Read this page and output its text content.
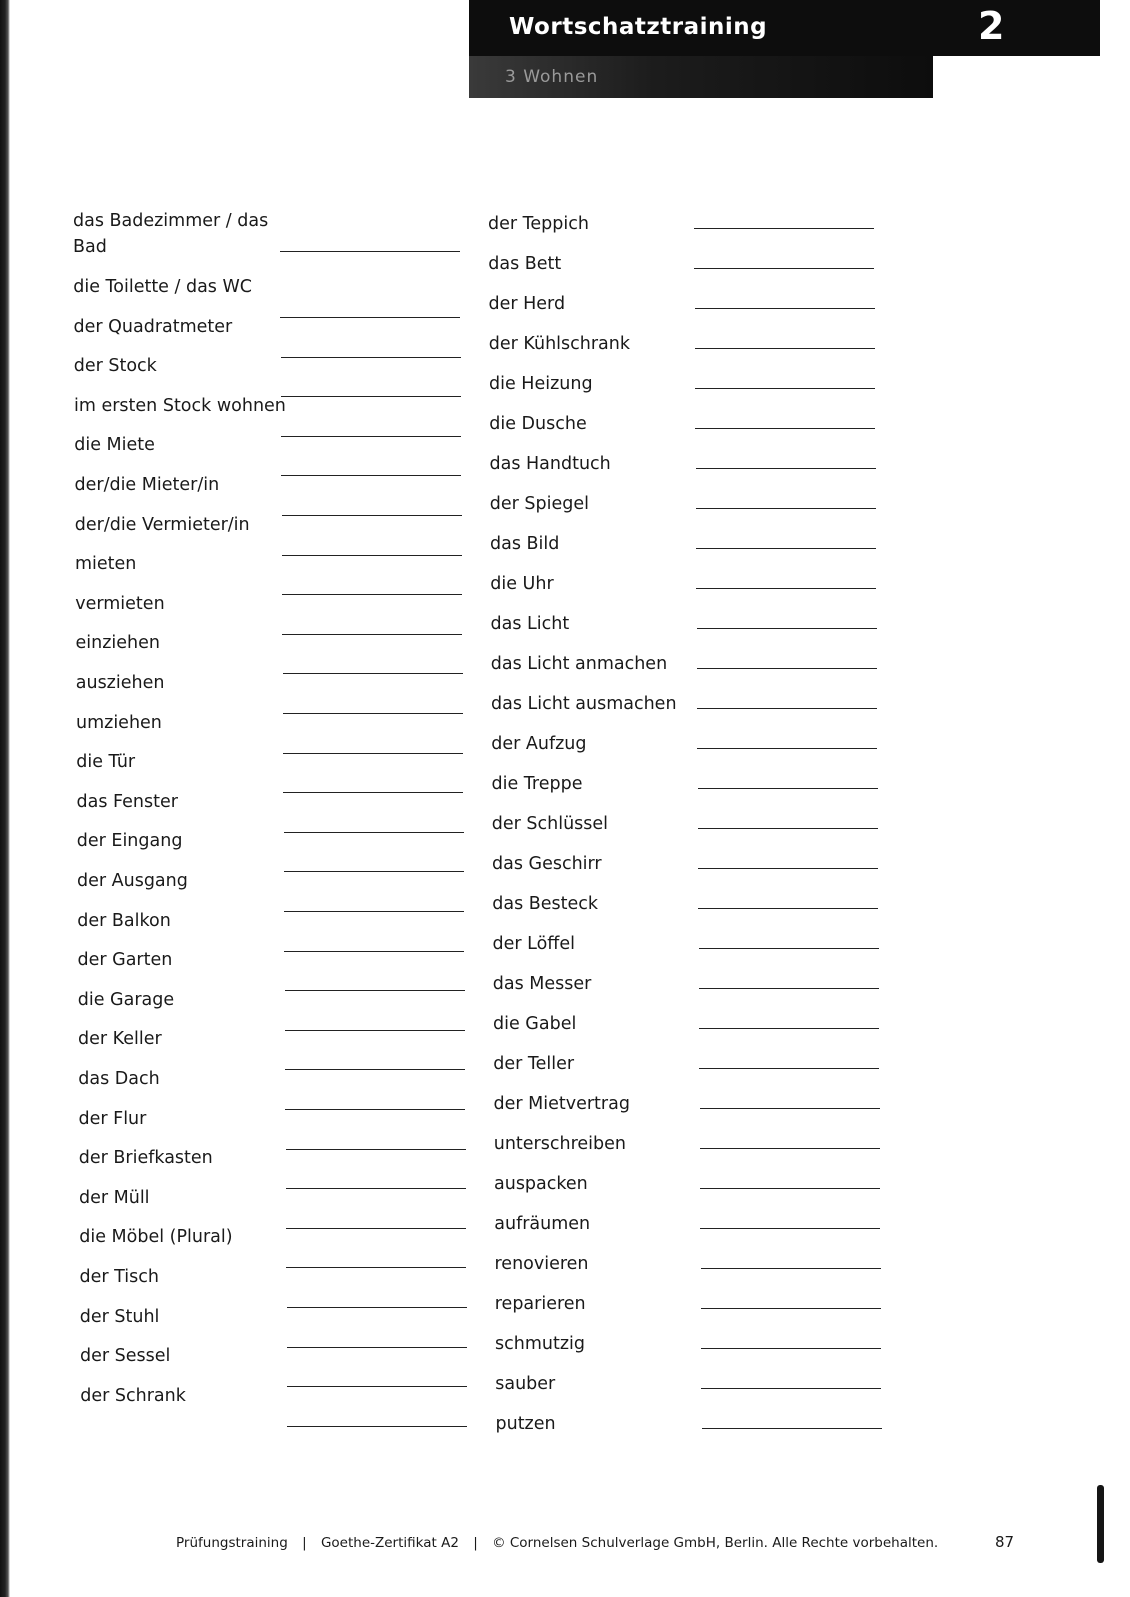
Wortschatztraining	2
3 Wohnen
das Badezimmer / das Bad
die Toilette / das WC
der Quadratmeter
der Stock
im ersten Stock wohnen
die Miete
der/die Mieter/in
der/die Vermieter/in
mieten
vermieten
einziehen
ausziehen
umziehen
die Tür
das Fenster
der Eingang
der Ausgang
der Balkon
der Garten
die Garage
der Keller
das Dach
der Flur
der Briefkasten
der Müll
die Möbel (Plural)
der Tisch
der Stuhl
der Sessel
der Schrank
der Teppich
das Bett
der Herd
der Kühlschrank
die Heizung
die Dusche
das Handtuch
der Spiegel
das Bild
die Uhr
das Licht
das Licht anmachen
das Licht ausmachen
der Aufzug
die Treppe
der Schlüssel
das Geschirr
das Besteck
der Löffel
das Messer
die Gabel
der Teller
der Mietvertrag
unterschreiben
auspacken
aufräumen
renovieren
reparieren
schmutzig
sauber
putzen
Prüfungstraining | Goethe-Zertifikat A2 | © Cornelsen Schulverlage GmbH, Berlin. Alle Rechte vorbehalten.	87
